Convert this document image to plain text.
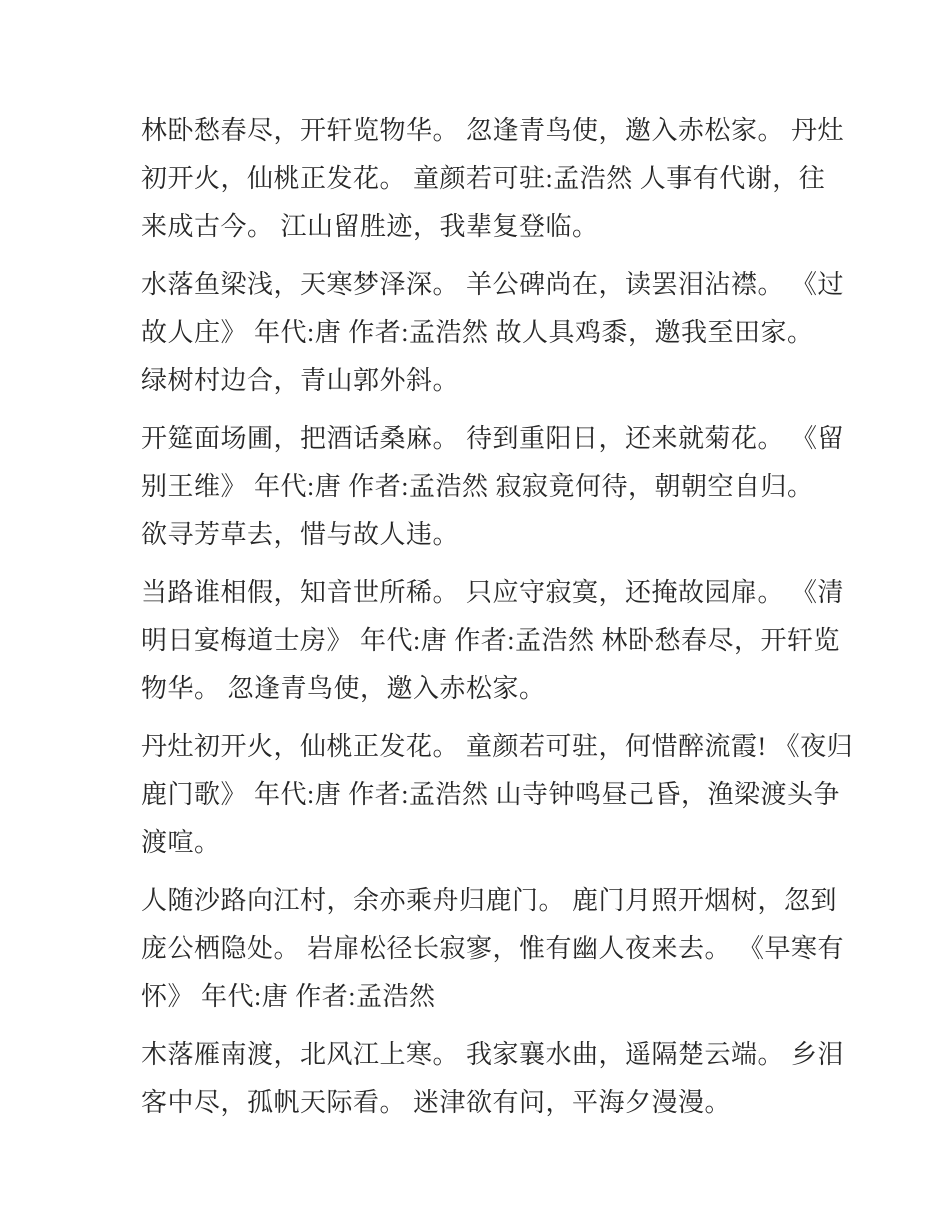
林卧愁春尽，开轩览物华。 忽逢青鸟使，邀入赤松家。 丹灶
初开火，仙桃正发花。 童颜若可驻:孟浩然 人事有代谢，往
来成古今。 江山留胜迹，我辈复登临。

水落鱼梁浅，天寒梦泽深。 羊公碑尚在，读罢泪沾襟。 《过
故人庄》 年代:唐 作者:孟浩然 故人具鸡黍，邀我至田家。
绿树村边合，青山郭外斜。

开筵面场圃，把酒话桑麻。 待到重阳日，还来就菊花。 《留
别王维》 年代:唐 作者:孟浩然 寂寂竟何待，朝朝空自归。
欲寻芳草去，惜与故人违。

当路谁相假，知音世所稀。 只应守寂寞，还掩故园扉。 《清
明日宴梅道士房》 年代:唐 作者:孟浩然 林卧愁春尽，开轩览
物华。 忽逢青鸟使，邀入赤松家。

丹灶初开火，仙桃正发花。 童颜若可驻，何惜醉流霞! 《夜归
鹿门歌》 年代:唐 作者:孟浩然 山寺钟鸣昼己昏，渔梁渡头争
渡喧。

人随沙路向江村，余亦乘舟归鹿门。 鹿门月照开烟树，忽到
庞公栖隐处。 岩扉松径长寂寥，惟有幽人夜来去。 《早寒有
怀》 年代:唐 作者:孟浩然

木落雁南渡，北风江上寒。 我家襄水曲，遥隔楚云端。 乡泪
客中尽，孤帆天际看。 迷津欲有问，平海夕漫漫。
